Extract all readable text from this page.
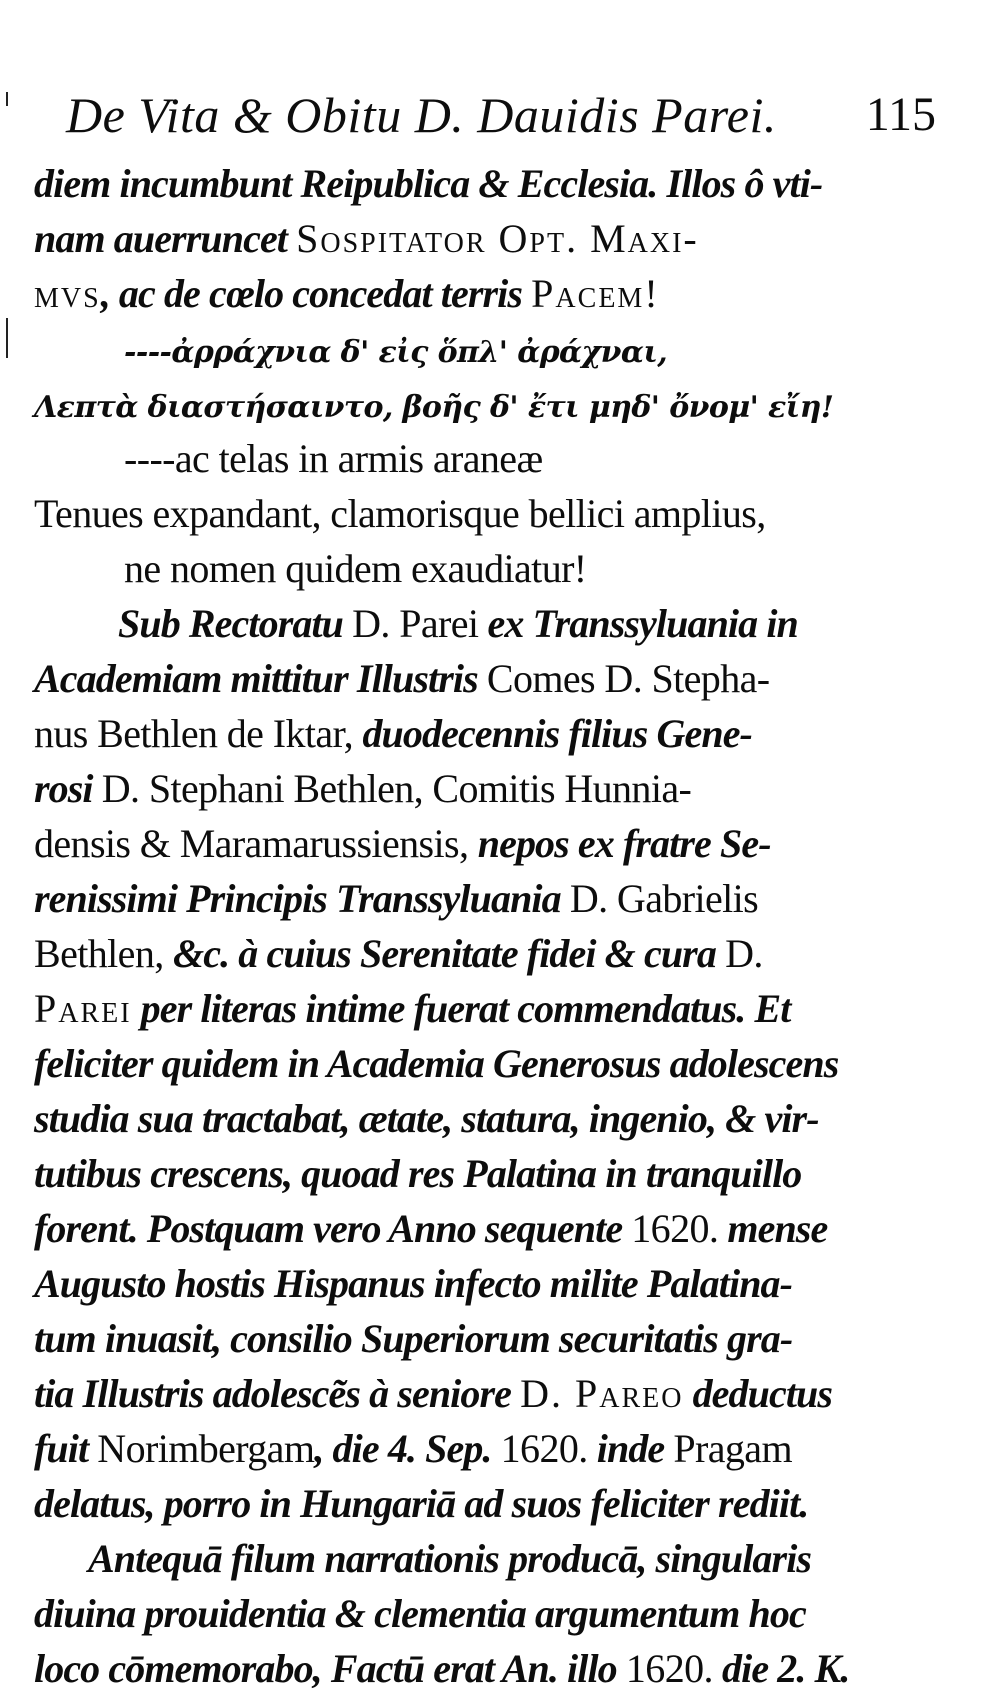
De Vita & Obitu D. Dauidis Parei. 115
diem incumbunt Reipublica & Ecclesia. Illos ô vti-
nam auerruncet Sospitator Opt. Maxi-
mvs, ac de cœlo concedat terris Pacem!
----ἀρράχνια δ' εἰς ὅπλ' ἀράχναι,
Λεπτὰ διαστήσαιντο, βοῆς δ' ἔτι μηδ' ὄνομ' εἴη!
----ac telas in armis araneæ
Tenues expandant, clamorisque bellici amplius,
ne nomen quidem exaudiatur!
Sub Rectoratu D. Parei ex Transsyluania in
Academiam mittitur Illustris Comes D. Stepha-
nus Bethlen de Iktar, duodecennis filius Gene-
rosi D. Stephani Bethlen, Comitis Hunnia-
densis & Maramarussiensis, nepos ex fratre Se-
renissimi Principis Transsyluania D. Gabrielis
Bethlen, &c. à cuius Serenitate fidei & cura D.
Parei per literas intime fuerat commendatus. Et
feliciter quidem in Academia Generosus adolescens
studia sua tractabat, ætate, statura, ingenio, & vir-
tutibus crescens, quoad res Palatina in tranquillo
forent. Postquam vero Anno sequente 1620. mense
Augusto hostis Hispanus infecto milite Palatina-
tum inuasit, consilio Superiorum securitatis gra-
tia Illustris adolescẽs à seniore D. Pareo deductus
fuit Norimbergam, die 4. Sep. 1620. inde Pragam
delatus, porro in Hungariā ad suos feliciter rediit.
Antequā filum narrationis producā, singularis
diuina prouidentia & clementia argumentum hoc
loco cōmemorabo, Factū erat An. illo 1620. die 2. K.
